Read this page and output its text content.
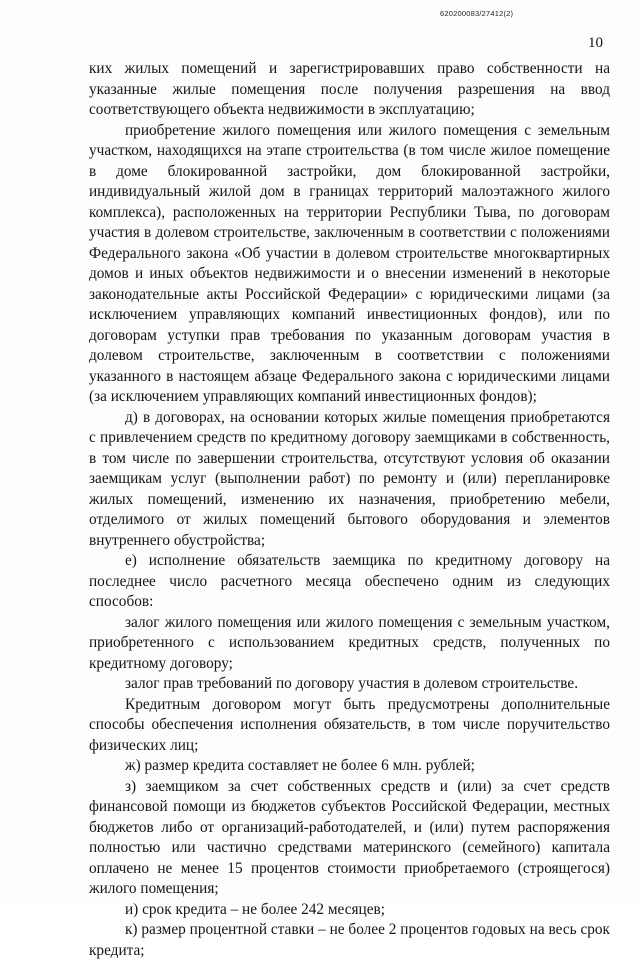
620200083/27412(2)
10

ких жилых помещений и зарегистрировавших право собственности на указанные жилые помещения после получения разрешения на ввод соответствующего объекта недвижимости в эксплуатацию;

приобретение жилого помещения или жилого помещения с земельным участком, находящихся на этапе строительства (в том числе жилое помещение в доме блокированной застройки, дом блокированной застройки, индивидуальный жилой дом в границах территорий малоэтажного жилого комплекса), расположенных на территории Республики Тыва, по договорам участия в долевом строительстве, заключенным в соответствии с положениями Федерального закона «Об участии в долевом строительстве многоквартирных домов и иных объектов недвижимости и о внесении изменений в некоторые законодательные акты Российской Федерации» с юридическими лицами (за исключением управляющих компаний инвестиционных фондов), или по договорам уступки прав требования по указанным договорам участия в долевом строительстве, заключенным в соответствии с положениями указанного в настоящем абзаце Федерального закона с юридическими лицами (за исключением управляющих компаний инвестиционных фондов);

д) в договорах, на основании которых жилые помещения приобретаются с привлечением средств по кредитному договору заемщиками в собственность, в том числе по завершении строительства, отсутствуют условия об оказании заемщикам услуг (выполнении работ) по ремонту и (или) перепланировке жилых помещений, изменению их назначения, приобретению мебели, отделимого от жилых помещений бытового оборудования и элементов внутреннего обустройства;

е) исполнение обязательств заемщика по кредитному договору на последнее число расчетного месяца обеспечено одним из следующих способов:

залог жилого помещения или жилого помещения с земельным участком, приобретенного с использованием кредитных средств, полученных по кредитному договору;

залог прав требований по договору участия в долевом строительстве.

Кредитным договором могут быть предусмотрены дополнительные способы обеспечения исполнения обязательств, в том числе поручительство физических лиц;

ж) размер кредита составляет не более 6 млн. рублей;

з) заемщиком за счет собственных средств и (или) за счет средств финансовой помощи из бюджетов субъектов Российской Федерации, местных бюджетов либо от организаций-работодателей, и (или) путем распоряжения полностью или частично средствами материнского (семейного) капитала оплачено не менее 15 процентов стоимости приобретаемого (строящегося) жилого помещения;

и) срок кредита – не более 242 месяцев;

к) размер процентной ставки – не более 2 процентов годовых на весь срок кредита;
